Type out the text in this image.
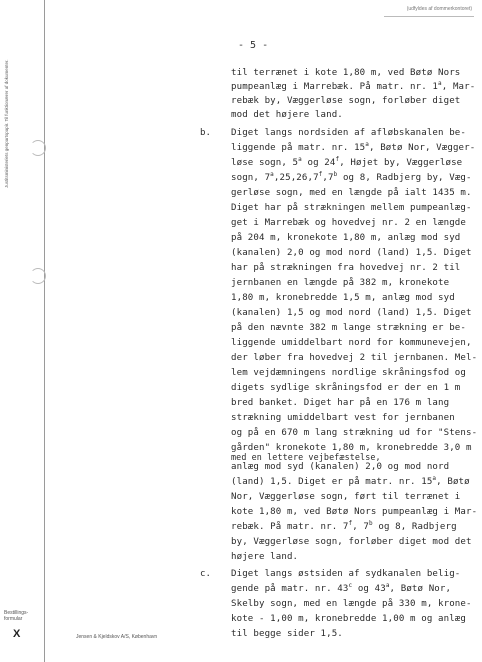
Justitsministeriets genpartspapir. Til funktionærer af dokumenter.
(udfyldes af dommerkontoret)
- 5 -
til terrænet i kote 1,80 m, ved Bøtø Nors
pumpeanlæg i Marrebæk. På matr. nr. 1$^a$, Mar-
rebæk by, Væggerløse sogn, forløber diget
mod det højere land.
b. Diget langs nordsiden af afløbskanalen be-
liggende på matr. nr. 15$^a$, Bøtø Nor, Vægger-
løse sogn, 5$^a$ og 24$^f$, Højet by, Væggerløse
sogn, 7$^a$,25,26,7$^f$,7$^b$ og 8, Radbjerg by, Væg-
gerløse sogn, med en længde på ialt 1435 m.
Diget har på strækningen mellem pumpeanlæg-
get i Marrebæk og hovedvej nr. 2 en længde
på 204 m, kronekote 1,80 m, anlæg mod syd
(kanalen) 2,0 og mod nord (land) 1,5. Diget
har på strækningen fra hovedvej nr. 2 til
jernbanen en længde på 382 m, kronekote
1,80 m, kronebredde 1,5 m, anlæg mod syd
(kanalen) 1,5 og mod nord (land) 1,5. Diget
på den nævnte 382 m lange strækning er be-
liggende umiddelbart nord for kommunevejen,
der løber fra hovedvej 2 til jernbanen. Mel-
lem vejdæmningens nordlige skråningsfod og
digets sydlige skråningsfod er der en 1 m
bred banket. Diget har på en 176 m lang
strækning umiddelbart vest for jernbanen
og på en 670 m lang strækning ud for "Stens-
gården" kronekote 1,80 m, kronebredde 3,0 m
med en lettere vejbefæstelse,
anlæg mod syd (kanalen) 2,0 og mod nord
(land) 1,5. Diget er på matr. nr. 15$^a$, Bøtø
Nor, Væggerløse sogn, ført til terrænet i
kote 1,80 m, ved Bøtø Nors pumpeanlæg i Mar-
rebæk. På matr. nr. 7$^f$, 7$^b$ og 8, Radbjerg
by, Væggerløse sogn, forløber diget mod det
højere land.
c. Diget langs østsiden af sydkanalen belig-
gende på matr. nr. 43$^c$ og 43$^a$, Bøtø Nor,
Skelby sogn, med en længde på 330 m, krone-
kote - 1,00 m, kronebredde 1,00 m og anlæg
til begge sider 1,5.
Bestillings-
formular
X	Jensen & Kjeldskov A/S, København
